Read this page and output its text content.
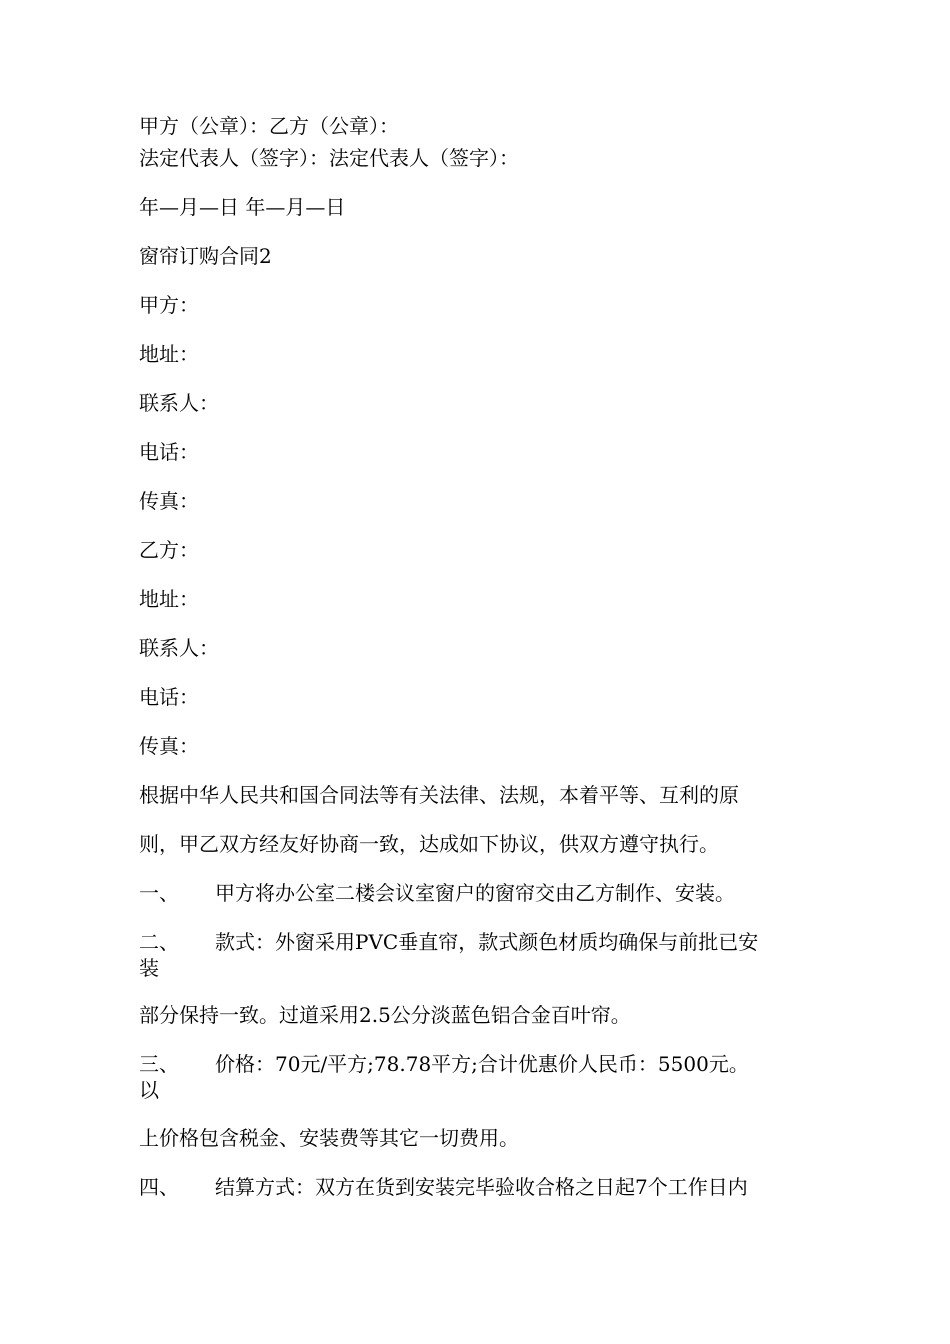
甲方（公章）：乙方（公章）：
法定代表人（签字）：法定代表人（签字）：
年—月—日 年—月—日
窗帘订购合同2
甲方：
地址：
联系人：
电话：
传真：
乙方：
地址：
联系人：
电话：
传真：
根据中华人民共和国合同法等有关法律、法规，本着平等、互利的原
则，甲乙双方经友好协商一致，达成如下协议，供双方遵守执行。
一、 甲方将办公室二楼会议室窗户的窗帘交由乙方制作、安装。
二、 款式：外窗采用PVC垂直帘，款式颜色材质均确保与前批已安
装
部分保持一致。过道采用2.5公分淡蓝色铝合金百叶帘。
三、 价格：70元/平方;78.78平方;合计优惠价人民币：5500元。
以
上价格包含税金、安装费等其它一切费用。
四、 结算方式：双方在货到安装完毕验收合格之日起7个工作日内
